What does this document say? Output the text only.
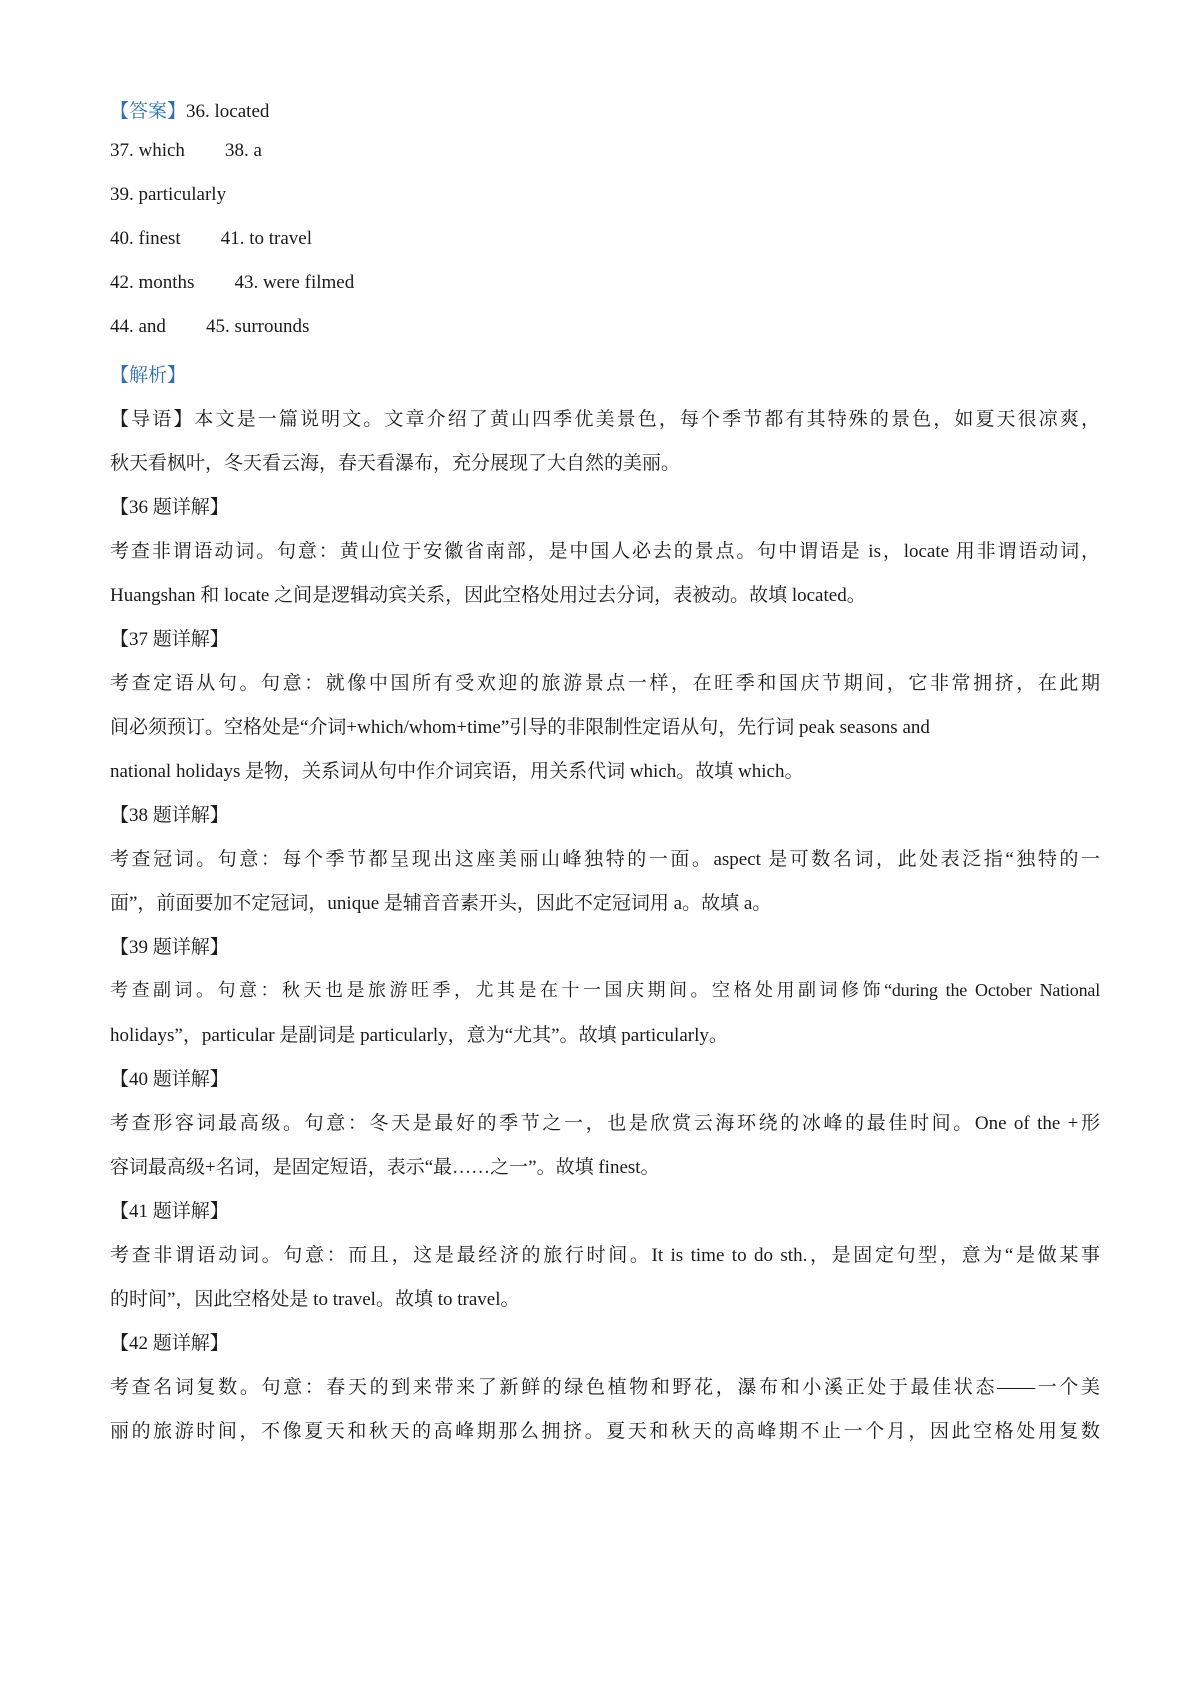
【答案】36. located
37. which 38. a
39. particularly
40. finest 41. to travel
42. months 43. were filmed
44. and 45. surrounds
【解析】
【导语】本文是一篇说明文。文章介绍了黄山四季优美景色，每个季节都有其特殊的景色，如夏天很凉爽，
秋天看枫叶，冬天看云海，春天看瀑布，充分展现了大自然的美丽。
【36 题详解】
考查非谓语动词。句意：黄山位于安徽省南部，是中国人必去的景点。句中谓语是 is，locate 用非谓语动词，
Huangshan 和 locate 之间是逻辑动宾关系，因此空格处用过去分词，表被动。故填 located。
【37 题详解】
考查定语从句。句意：就像中国所有受欢迎的旅游景点一样，在旺季和国庆节期间，它非常拥挤，在此期
间必须预订。空格处是“介词+which/whom+time”引导的非限制性定语从句，先行词 peak seasons and
national holidays 是物，关系词从句中作介词宾语，用关系代词 which。故填 which。
【38 题详解】
考查冠词。句意：每个季节都呈现出这座美丽山峰独特的一面。aspect 是可数名词，此处表泛指“独特的一
面”，前面要加不定冠词，unique 是辅音音素开头，因此不定冠词用 a。故填 a。
【39 题详解】
考查副词。句意：秋天也是旅游旺季，尤其是在十一国庆期间。空格处用副词修饰“during the October National
holidays”，particular 是副词是 particularly，意为“尤其”。故填 particularly。
【40 题详解】
考查形容词最高级。句意：冬天是最好的季节之一，也是欣赏云海环绕的冰峰的最佳时间。One of the +形
容词最高级+名词，是固定短语，表示“最……之一”。故填 finest。
【41 题详解】
考查非谓语动词。句意：而且，这是最经济的旅行时间。It is time to do sth.，是固定句型，意为“是做某事
的时间”，因此空格处是 to travel。故填 to travel。
【42 题详解】
考查名词复数。句意：春天的到来带来了新鲜的绿色植物和野花，瀑布和小溪正处于最佳状态——一个美
丽的旅游时间，不像夏天和秋天的高峰期那么拥挤。夏天和秋天的高峰期不止一个月，因此空格处用复数
